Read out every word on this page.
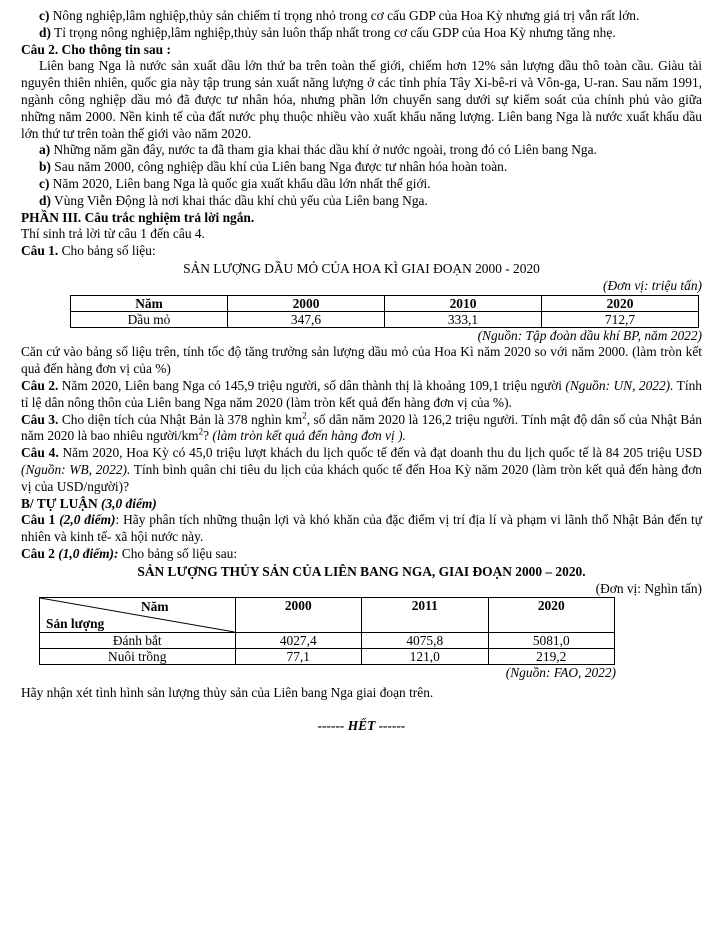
c) Nông nghiệp,lâm nghiệp,thủy sản chiếm tỉ trọng nhỏ trong cơ cấu GDP của Hoa Kỳ nhưng giá trị vẫn rất lớn.

d) Tỉ trọng nông nghiệp,lâm nghiệp,thủy sản luôn thấp nhất trong cơ cấu GDP của Hoa Kỳ nhưng tăng nhẹ.

Câu 2. Cho thông tin sau :

Liên bang Nga là nước sản xuất dầu lớn thứ ba trên toàn thế giới, chiếm hơn 12% sản lượng dầu thô toàn cầu. Giàu tài nguyên thiên nhiên, quốc gia này tập trung sản xuất năng lượng ở các tỉnh phía Tây Xi-bê-ri và Vôn-ga, U-ran. Sau năm 1991, ngành công nghiệp dầu mỏ đã được tư nhân hóa, nhưng phần lớn chuyển sang dưới sự kiểm soát của chính phủ vào giữa những năm 2000. Nền kinh tế của đất nước phụ thuộc nhiều vào xuất khẩu năng lượng. Liên bang Nga là nước xuất khẩu dầu lớn thứ tư trên toàn thế giới vào năm 2020.

a) Những năm gần đây, nước ta đã tham gia khai thác dầu khí ở nước ngoài, trong đó có Liên bang Nga.

b) Sau năm 2000, công nghiệp dầu khí của Liên bang Nga được tư nhân hóa hoàn toàn.

c) Năm 2020, Liên bang Nga là quốc gia xuất khẩu dầu lớn nhất thế giới.

d) Vùng Viễn Động là nơi khai thác dầu khí chủ yếu của Liên bang Nga.

PHẦN III. Câu trắc nghiệm trả lời ngắn.

Thí sinh trả lời từ câu 1 đến câu 4.

Câu 1. Cho bảng số liệu:

SẢN LƯỢNG DẦU MỎ CỦA HOA KÌ GIAI ĐOẠN 2000 - 2020

(Đơn vị: triệu tấn)

Năm	2000	2010	2020
Dầu mỏ	347,6	333,1	712,7

(Nguồn: Tập đoàn dầu khí BP, năm 2022)

Căn cứ vào bảng số liệu trên, tính tốc độ tăng trưởng sản lượng dầu mỏ của Hoa Kì năm 2020 so với năm 2000. (làm tròn kết quả đến hàng đơn vị của %)

Câu 2. Năm 2020, Liên bang Nga có 145,9 triệu người, số dân thành thị là khoảng 109,1 triệu người (Nguồn: UN, 2022). Tính tỉ lệ dân nông thôn của Liên bang Nga năm 2020 (làm tròn kết quả đến hàng đơn vị của %).

Câu 3. Cho diện tích của Nhật Bản là 378 nghìn $km^2$, số dân năm 2020 là 126,2 triệu người. Tính mật độ dân số của Nhật Bản năm 2020 là bao nhiêu người/$km^2$? (làm tròn kết quả đến hàng đơn vị ).

Câu 4. Năm 2020, Hoa Kỳ có 45,0 triệu lượt khách du lịch quốc tế đến và đạt doanh thu du lịch quốc tế là 84 205 triệu USD (Nguồn: WB, 2022). Tính bình quân chi tiêu du lịch của khách quốc tế đến Hoa Kỳ năm 2020 (làm tròn kết quả đến hàng đơn vị của USD/người)?

B/ TỰ LUẬN (3,0 điểm)

Câu 1 (2,0 điểm): Hãy phân tích những thuận lợi và khó khăn của đặc điểm vị trí địa lí và phạm vi lãnh thổ Nhật Bản đến tự nhiên và kinh tế- xã hội nước này.

Câu 2 (1,0 điểm): Cho bảng số liệu sau:

SẢN LƯỢNG THỦY SẢN CỦA LIÊN BANG NGA, GIAI ĐOẠN 2000 – 2020.

(Đơn vị: Nghìn tấn)

Năm
Sản lượng	2000	2011	2020
Đánh bắt	4027,4	4075,8	5081,0
Nuôi trồng	77,1	121,0	219,2

(Nguồn: FAO, 2022)

Hãy nhận xét tình hình sản lượng thủy sản của Liên bang Nga giai đoạn trên.

------ HẾT ------
